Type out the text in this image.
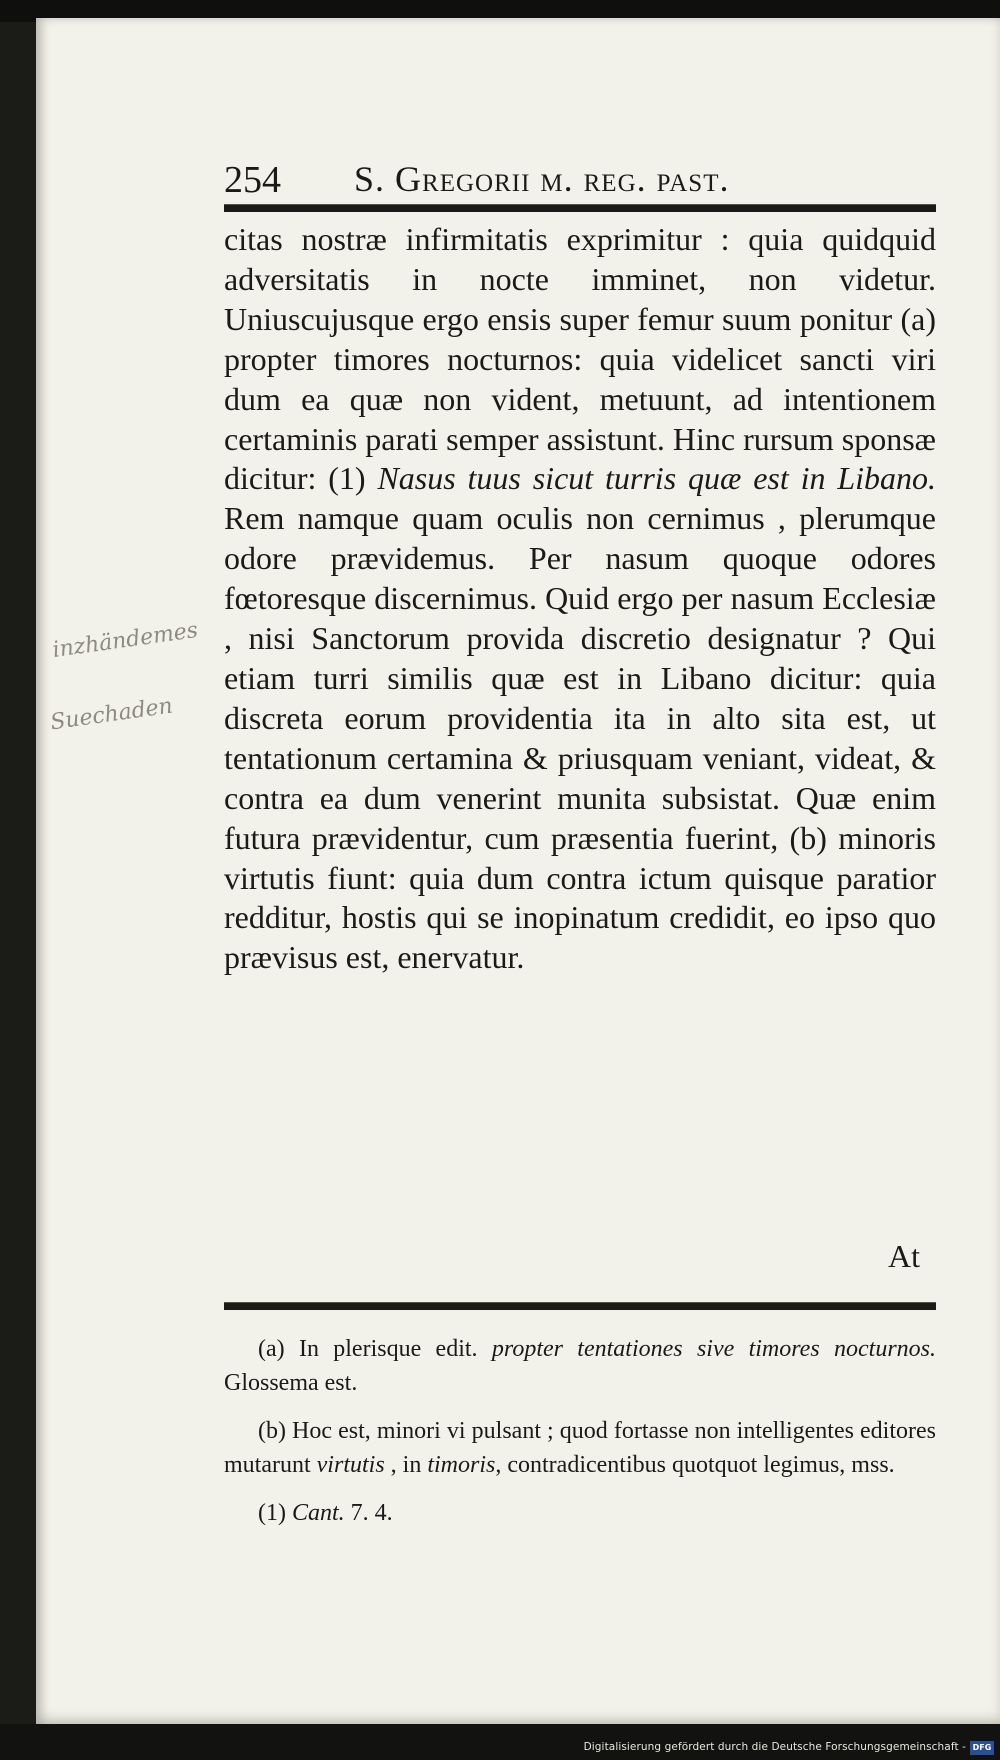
254 S. Gregorii m. reg. past.

citas nostræ infirmitatis exprimitur : quia quidquid adversitatis in nocte imminet, non videtur. Uniuscujusque ergo ensis super femur suum ponitur (a) propter timores nocturnos: quia videlicet sancti viri dum ea quæ non vident, metuunt, ad intentionem certaminis parati semper assistunt. Hinc rursum sponsæ dicitur: (1) Nasus tuus sicut turris quæ est in Libano. Rem namque quam oculis non cernimus , plerumque odore prævidemus. Per nasum quoque odores fœtoresque discernimus. Quid ergo per nasum Ecclesiæ , nisi Sanctorum provida discretio designatur ? Qui etiam turri similis quæ est in Libano dicitur: quia discreta eorum providentia ita in alto sita est, ut tentationum certamina & priusquam veniant, videat, & contra ea dum venerint munita subsistat. Quæ enim futura prævidentur, cum præsentia fuerint, (b) minoris virtutis fiunt: quia dum contra ictum quisque paratior redditur, hostis qui se inopinatum credidit, eo ipso quo prævisus est, enervatur.

At
inzhändemes
Suechaden

(a) In plerisque edit. propter tentationes sive timores nocturnos. Glossema est.

(b) Hoc est, minori vi pulsant ; quod fortasse non intelligentes editores mutarunt virtutis , in timoris, contradicentibus quotquot legimus, mss.

(1) Cant. 7. 4.

Digitalisierung gefördert durch die Deutsche Forschungsgemeinschaft - DFG
